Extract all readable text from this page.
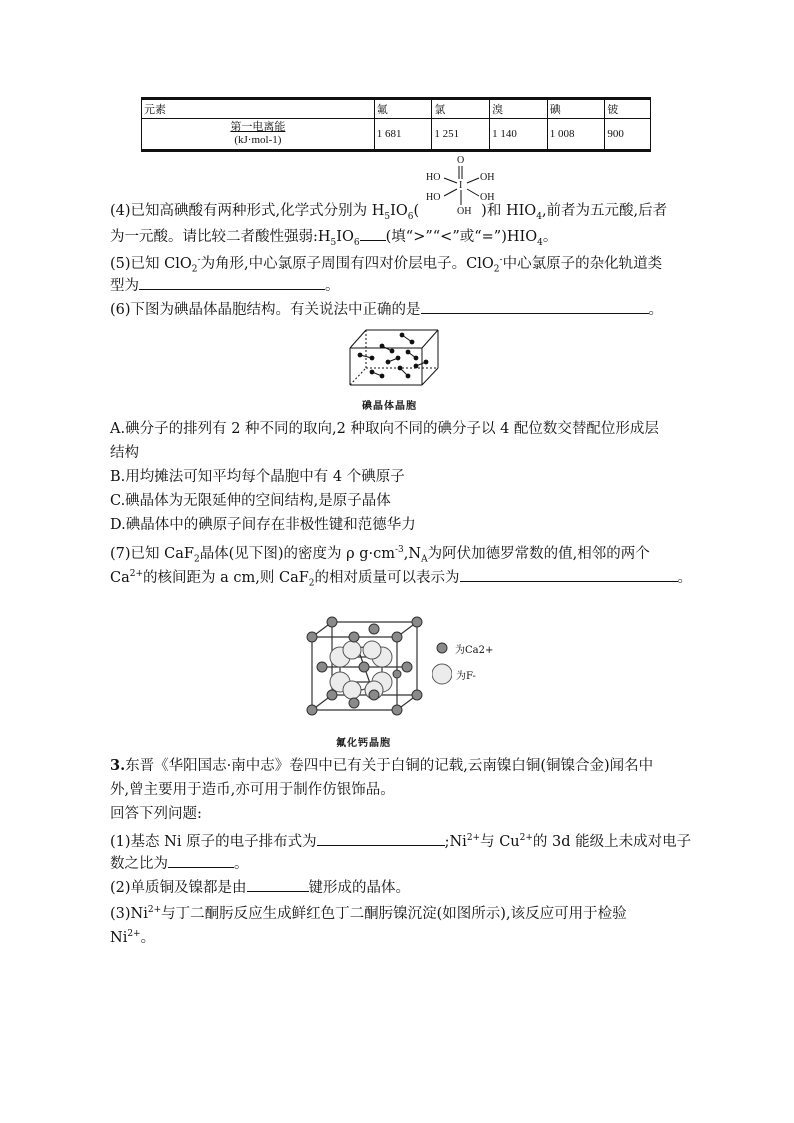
元素	氟	氯	溴	碘	铍
第一电离能
(kJ·mol-1)	1 681	1 251	1 140	1 008	900
O
HO	OH
I
HO	OH
OH
(4)已知高碘酸有两种形式,化学式分别为 $H_5IO_6$(	)和 $HIO_4$,前者为五元酸,后者
为一元酸。请比较二者酸性强弱$:H_5IO_6$ (填“>”“<”或“$=”)HIO_4$。
(5)已知 ClO$_2$-为角形,中心氯原子周围有四对价层电子。ClO$_2$-中心氯原子的杂化轨道类
型为	。
(6)下图为碘晶体晶胞结构。有关说法中正确的是	。
碘晶体晶胞
A.碘分子的排列有 2 种不同的取向,2 种取向不同的碘分子以 4 配位数交替配位形成层
结构
B.用均摊法可知平均每个晶胞中有 4 个碘原子
C.碘晶体为无限延伸的空间结构,是原子晶体
D.碘晶体中的碘原子间存在非极性键和范德华力
(7)已知 CaF$_2$晶体(见下图)的密度为 ρ $g\cdot cm^{-3},N_A$为阿伏加德罗常数的值,相邻的两个
$Ca^{2+}$的核间距为 a cm,则 CaF$_2$的相对质量可以表示为	。
为Ca2+
为F-
氟化钙晶胞
3.东晋《华阳国志·南中志》卷四中已有关于白铜的记载,云南镍白铜(铜镍合金)闻名中
外,曾主要用于造币,亦可用于制作仿银饰品。
回答下列问题:
(1)基态 Ni 原子的电子排布式为	$;Ni^{2+}$与 $Cu^{2+}$的 3d 能级上未成对电子
数之比为	。
(2)单质铜及镍都是由	键形成的晶体。
$(3)Ni^{2+}$与丁二酮肟反应生成鲜红色丁二酮肟镍沉淀(如图所示),该反应可用于检验
$Ni^{2+}$。
